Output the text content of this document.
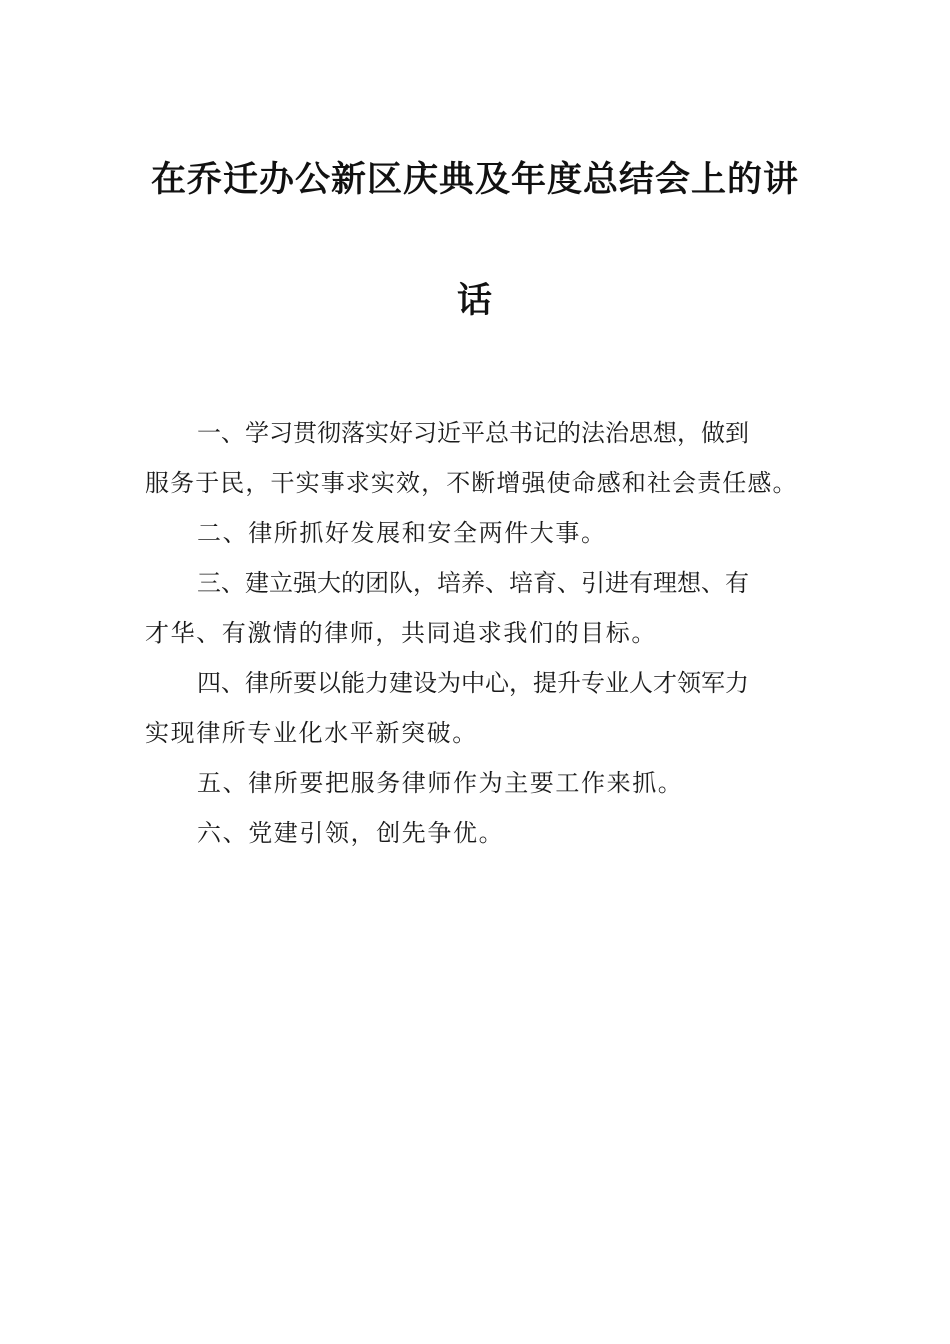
在乔迁办公新区庆典及年度总结会上的讲
话
一、学习贯彻落实好习近平总书记的法治思想，做到
服务于民，干实事求实效，不断增强使命感和社会责任感。
二、律所抓好发展和安全两件大事。
三、建立强大的团队，培养、培育、引进有理想、有
才华、有激情的律师，共同追求我们的目标。
四、律所要以能力建设为中心，提升专业人才领军力
实现律所专业化水平新突破。
五、律所要把服务律师作为主要工作来抓。
六、党建引领，创先争优。
